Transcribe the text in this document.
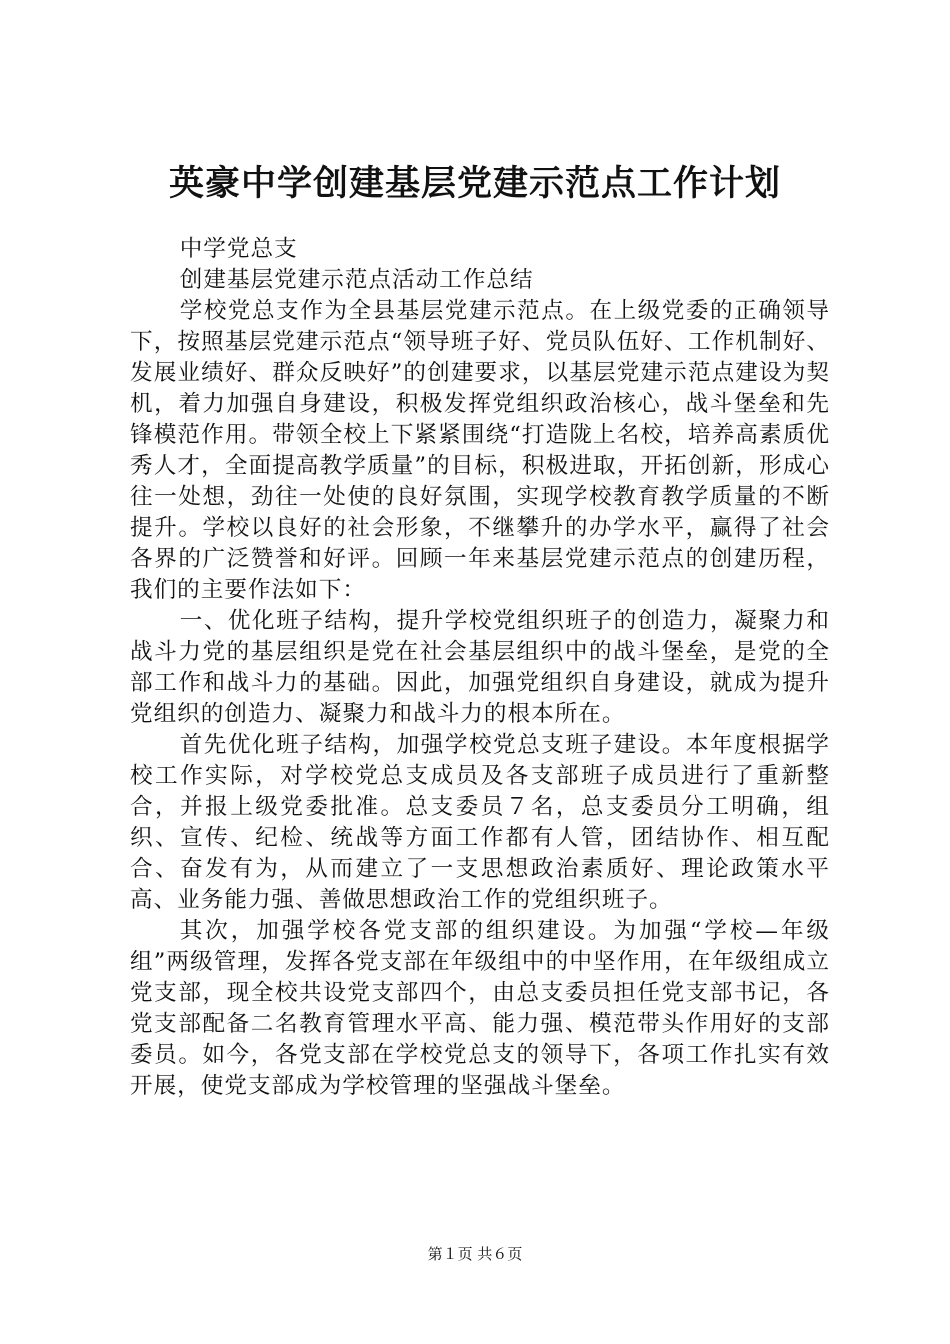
英豪中学创建基层党建示范点工作计划

中学党总支

创建基层党建示范点活动工作总结

学校党总支作为全县基层党建示范点。在上级党委的正确领导下，按照基层党建示范点“领导班子好、党员队伍好、工作机制好、发展业绩好、群众反映好”的创建要求，以基层党建示范点建设为契机，着力加强自身建设，积极发挥党组织政治核心，战斗堡垒和先锋模范作用。带领全校上下紧紧围绕“打造陇上名校，培养高素质优秀人才，全面提高教学质量”的目标，积极进取，开拓创新，形成心往一处想，劲往一处使的良好氛围，实现学校教育教学质量的不断提升。学校以良好的社会形象，不继攀升的办学水平，赢得了社会各界的广泛赞誉和好评。回顾一年来基层党建示范点的创建历程，我们的主要作法如下：

一、优化班子结构，提升学校党组织班子的创造力，凝聚力和战斗力党的基层组织是党在社会基层组织中的战斗堡垒，是党的全部工作和战斗力的基础。因此，加强党组织自身建设，就成为提升党组织的创造力、凝聚力和战斗力的根本所在。

首先优化班子结构，加强学校党总支班子建设。本年度根据学校工作实际，对学校党总支成员及各支部班子成员进行了重新整合，并报上级党委批准。总支委员７名，总支委员分工明确，组织、宣传、纪检、统战等方面工作都有人管，团结协作、相互配合、奋发有为，从而建立了一支思想政治素质好、理论政策水平高、业务能力强、善做思想政治工作的党组织班子。

其次，加强学校各党支部的组织建设。为加强“学校—年级组”两级管理，发挥各党支部在年级组中的中坚作用，在年级组成立党支部，现全校共设党支部四个，由总支委员担任党支部书记，各党支部配备二名教育管理水平高、能力强、模范带头作用好的支部委员。如今，各党支部在学校党总支的领导下，各项工作扎实有效开展，使党支部成为学校管理的坚强战斗堡垒。

第１页 共６页
